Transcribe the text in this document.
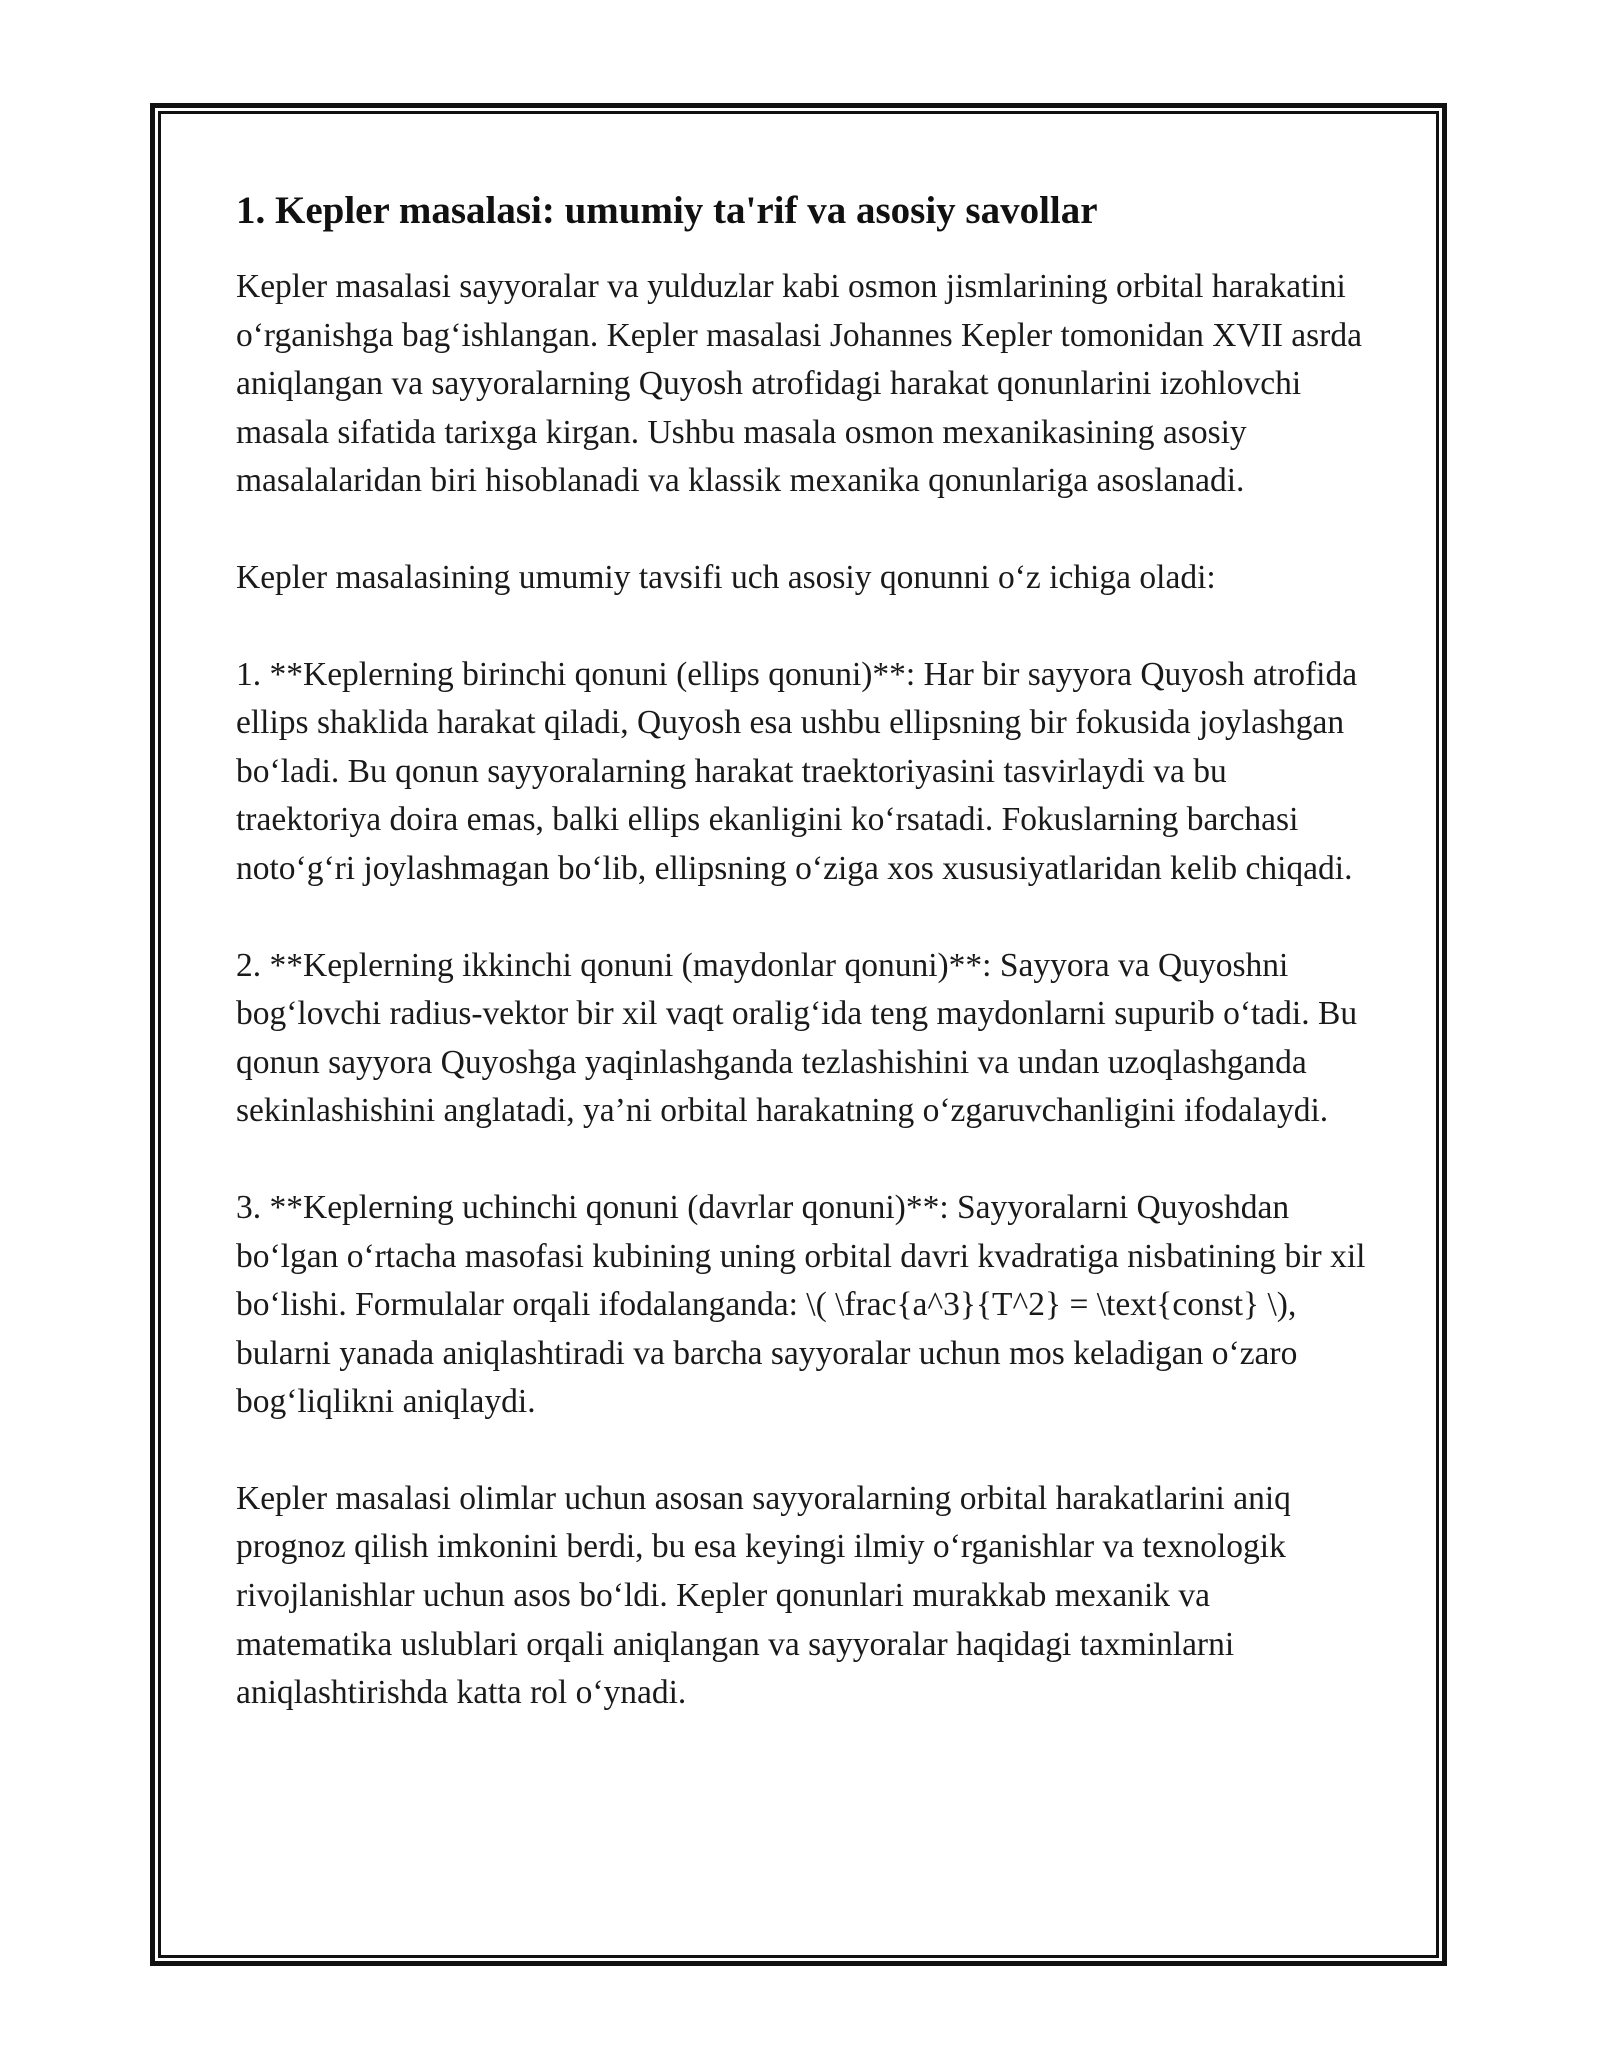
1. Kepler masalasi: umumiy ta'rif va asosiy savollar

Kepler masalasi sayyoralar va yulduzlar kabi osmon jismlarining orbital harakatini o‘rganishga bag‘ishlangan. Kepler masalasi Johannes Kepler tomonidan XVII asrda aniqlangan va sayyoralarning Quyosh atrofidagi harakat qonunlarini izohlovchi masala sifatida tarixga kirgan. Ushbu masala osmon mexanikasining asosiy masalalaridan biri hisoblanadi va klassik mexanika qonunlariga asoslanadi.

Kepler masalasining umumiy tavsifi uch asosiy qonunni o‘z ichiga oladi:

1. **Keplerning birinchi qonuni (ellips qonuni)**: Har bir sayyora Quyosh atrofida ellips shaklida harakat qiladi, Quyosh esa ushbu ellipsning bir fokusida joylashgan bo‘ladi. Bu qonun sayyoralarning harakat traektoriyasini tasvirlaydi va bu traektoriya doira emas, balki ellips ekanligini ko‘rsatadi. Fokuslarning barchasi noto‘g‘ri joylashmagan bo‘lib, ellipsning o‘ziga xos xususiyatlaridan kelib chiqadi.

2. **Keplerning ikkinchi qonuni (maydonlar qonuni)**: Sayyora va Quyoshni bog‘lovchi radius-vektor bir xil vaqt oralig‘ida teng maydonlarni supurib o‘tadi. Bu qonun sayyora Quyoshga yaqinlashganda tezlashishini va undan uzoqlashganda sekinlashishini anglatadi, ya’ni orbital harakatning o‘zgaruvchanligini ifodalaydi.

3. **Keplerning uchinchi qonuni (davrlar qonuni)**: Sayyoralarni Quyoshdan bo‘lgan o‘rtacha masofasi kubining uning orbital davri kvadratiga nisbatining bir xil bo‘lishi. Formulalar orqali ifodalanganda: \( \frac{a^3}{T^2} = \text{const} \), bularni yanada aniqlashtiradi va barcha sayyoralar uchun mos keladigan o‘zaro bog‘liqlikni aniqlaydi.

Kepler masalasi olimlar uchun asosan sayyoralarning orbital harakatlarini aniq prognoz qilish imkonini berdi, bu esa keyingi ilmiy o‘rganishlar va texnologik rivojlanishlar uchun asos bo‘ldi. Kepler qonunlari murakkab mexanik va matematika uslublari orqali aniqlangan va sayyoralar haqidagi taxminlarni aniqlashtirishda katta rol o‘ynadi.
